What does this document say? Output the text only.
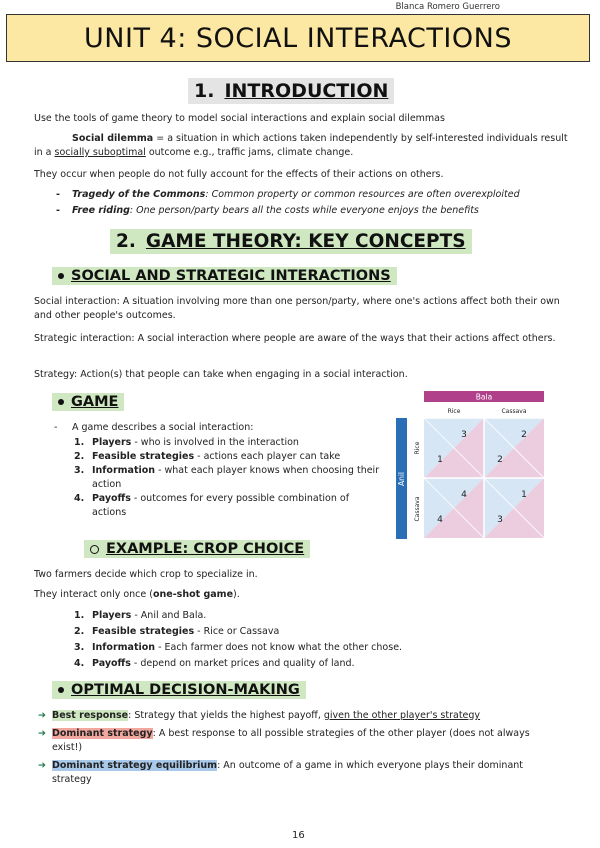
Blanca Romero Guerrero
UNIT 4: SOCIAL INTERACTIONS
1. INTRODUCTION
Use the tools of game theory to model social interactions and explain social dilemmas
Social dilemma = a situation in which actions taken independently by self-interested individuals result in a socially suboptimal outcome e.g., traffic jams, climate change.
They occur when people do not fully account for the effects of their actions on others.
- Tragedy of the Commons: Common property or common resources are often overexploited
- Free riding: One person/party bears all the costs while everyone enjoys the benefits
2. GAME THEORY: KEY CONCEPTS
SOCIAL AND STRATEGIC INTERACTIONS
Social interaction: A situation involving more than one person/party, where one's actions affect both their own and other people's outcomes.
Strategic interaction: A social interaction where people are aware of the ways that their actions affect others.
Strategy: Action(s) that people can take when engaging in a social interaction.
GAME
- A game describes a social interaction:
1. Players - who is involved in the interaction
2. Feasible strategies - actions each player can take
3. Information - what each player knows when choosing their action
4. Payoffs - outcomes for every possible combination of actions
Bala
Rice	Cassava
Anil
Rice
Cassava
3
1
2
2
4
4
1
3
EXAMPLE: CROP CHOICE
Two farmers decide which crop to specialize in.
They interact only once (one-shot game).
1. Players - Anil and Bala.
2. Feasible strategies - Rice or Cassava
3. Information - Each farmer does not know what the other chose.
4. Payoffs - depend on market prices and quality of land.
OPTIMAL DECISION-MAKING
➔ Best response: Strategy that yields the highest payoff, given the other player's strategy
➔ Dominant strategy: A best response to all possible strategies of the other player (does not always exist!)
➔ Dominant strategy equilibrium: An outcome of a game in which everyone plays their dominant strategy
16
